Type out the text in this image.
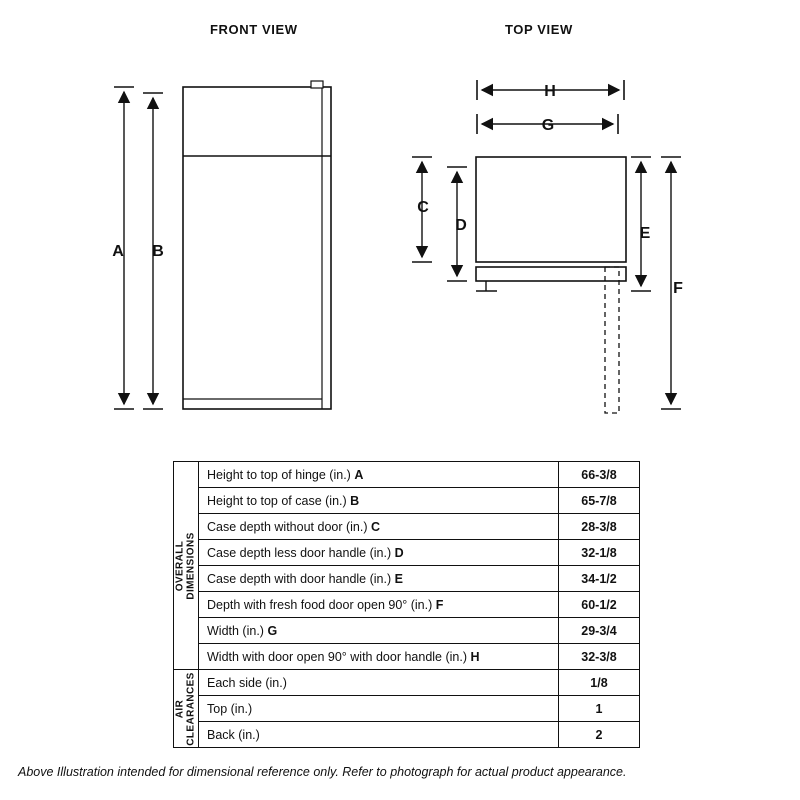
FRONT VIEW	TOP VIEW
A B
H
G
C
D	E
F
OVERALL
DIMENSIONS	Height to top of hinge (in.) A	66-3/8
	Height to top of case (in.) B	65-7/8
	Case depth without door (in.) C	28-3/8
	Case depth less door handle (in.) D	32-1/8
	Case depth with door handle (in.) E	34-1/2
	Depth with fresh food door open 90° (in.) F	60-1/2
	Width (in.) G	29-3/4
	Width with door open 90° with door handle (in.) H	32-3/8

AIR
CLEARANCES	Each side (in.)	1/8
	Top (in.)	1
	Back (in.)	2
Above Illustration intended for dimensional reference only. Refer to photograph for actual product appearance.
